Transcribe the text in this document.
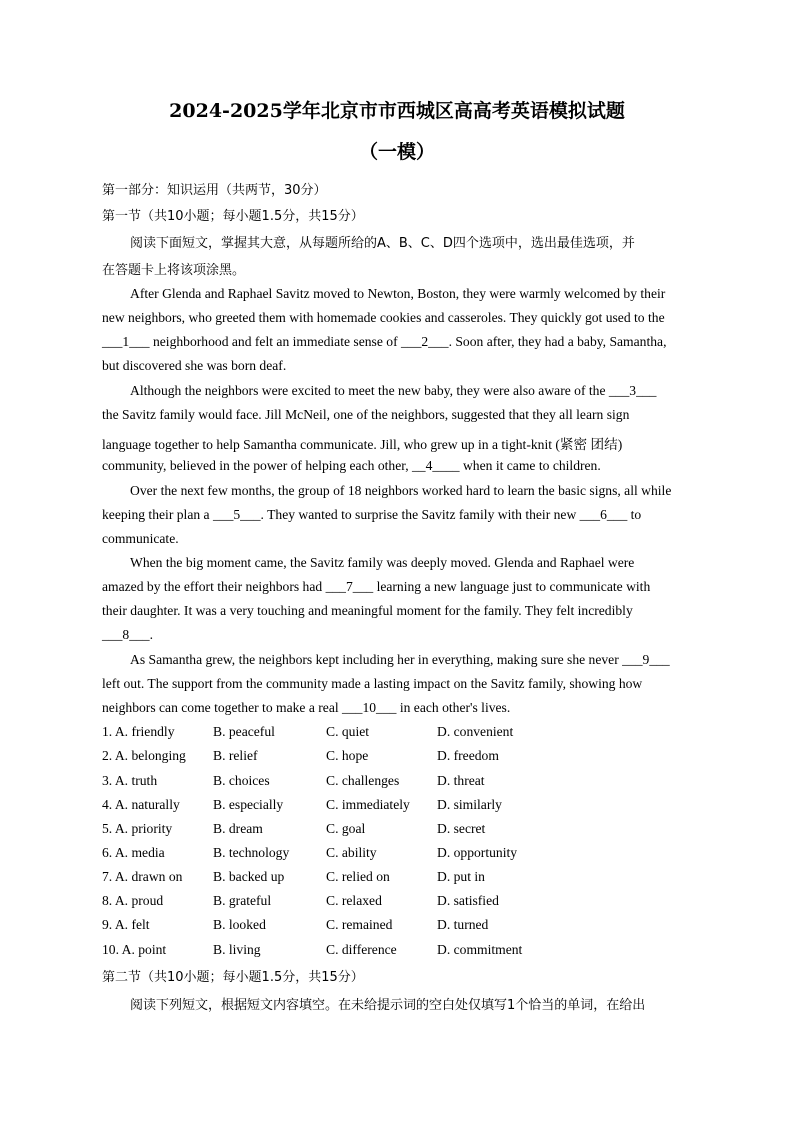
2024-2025学年北京市市西城区高高考英语模拟试题
（一模）
第一部分：知识运用（共两节，30分）
第一节（共10小题；每小题1.5分，共15分）
阅读下面短文，掌握其大意，从每题所给的A、B、C、D四个选项中，选出最佳选项，并
在答题卡上将该项涂黑。
After Glenda and Raphael Savitz moved to Newton, Boston, they were warmly welcomed by their
new neighbors, who greeted them with homemade cookies and casseroles. They quickly got used to the
___1___ neighborhood and felt an immediate sense of ___2___. Soon after, they had a baby, Samantha,
but discovered she was born deaf.
Although the neighbors were excited to meet the new baby, they were also aware of the ___3___
the Savitz family would face. Jill McNeil, one of the neighbors, suggested that they all learn sign
language together to help Samantha communicate. Jill, who grew up in a tight-knit (紧密 团结)
community, believed in the power of helping each other, __4____ when it came to children.
Over the next few months, the group of 18 neighbors worked hard to learn the basic signs, all while
keeping their plan a ___5___. They wanted to surprise the Savitz family with their new ___6___ to
communicate.
When the big moment came, the Savitz family was deeply moved. Glenda and Raphael were
amazed by the effort their neighbors had ___7___ learning a new language just to communicate with
their daughter. It was a very touching and meaningful moment for the family. They felt incredibly
___8___.
As Samantha grew, the neighbors kept including her in everything, making sure she never ___9___
left out. The support from the community made a lasting impact on the Savitz family, showing how
neighbors can come together to make a real ___10___ in each other's lives.
1. A. friendly	B. peaceful	C. quiet	D. convenient
2. A. belonging B. relief	C. hope	D. freedom
3. A. truth	B. choices	C. challenges	D. threat
4. A. naturally B. especially	C. immediately D. similarly
5. A. priority	B. dream	C. goal	D. secret
6. A. media	B. technology	C. ability	D. opportunity
7. A. drawn on B. backed up	C. relied on	D. put in
8. A. proud	B. grateful	C. relaxed	D. satisfied
9. A. felt	B. looked	C. remained	D. turned
10. A. point	B. living	C. difference	D. commitment
第二节（共10小题；每小题1.5分，共15分）
阅读下列短文，根据短文内容填空。在未给提示词的空白处仅填写1个恰当的单词，在给出
